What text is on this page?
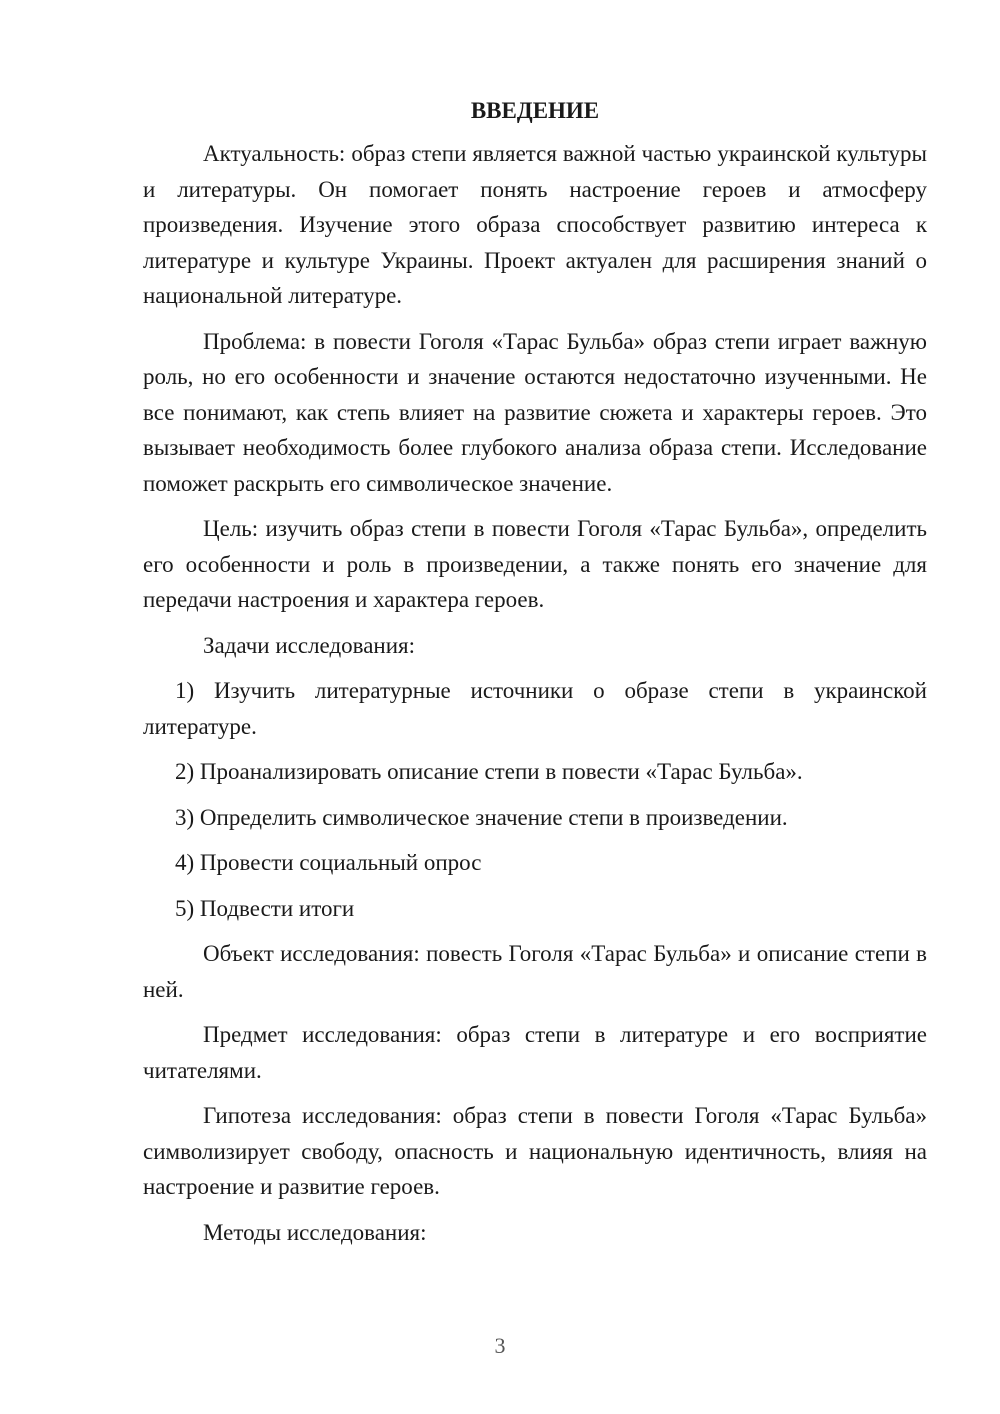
ВВЕДЕНИЕ

Актуальность: образ степи является важной частью украинской культуры и литературы. Он помогает понять настроение героев и атмосферу произведения. Изучение этого образа способствует развитию интереса к литературе и культуре Украины. Проект актуален для расширения знаний о национальной литературе.

Проблема: в повести Гоголя «Тарас Бульба» образ степи играет важную роль, но его особенности и значение остаются недостаточно изученными. Не все понимают, как степь влияет на развитие сюжета и характеры героев. Это вызывает необходимость более глубокого анализа образа степи. Исследование поможет раскрыть его символическое значение.

Цель: изучить образ степи в повести Гоголя «Тарас Бульба», определить его особенности и роль в произведении, а также понять его значение для передачи настроения и характера героев.

Задачи исследования:

1) Изучить литературные источники о образе степи в украинской литературе.
2) Проанализировать описание степи в повести «Тарас Бульба».
3) Определить символическое значение степи в произведении.
4) Провести социальный опрос
5) Подвести итоги

Объект исследования: повесть Гоголя «Тарас Бульба» и описание степи в ней.

Предмет исследования: образ степи в литературе и его восприятие читателями.

Гипотеза исследования: образ степи в повести Гоголя «Тарас Бульба» символизирует свободу, опасность и национальную идентичность, влияя на настроение и развитие героев.

Методы исследования:

3
